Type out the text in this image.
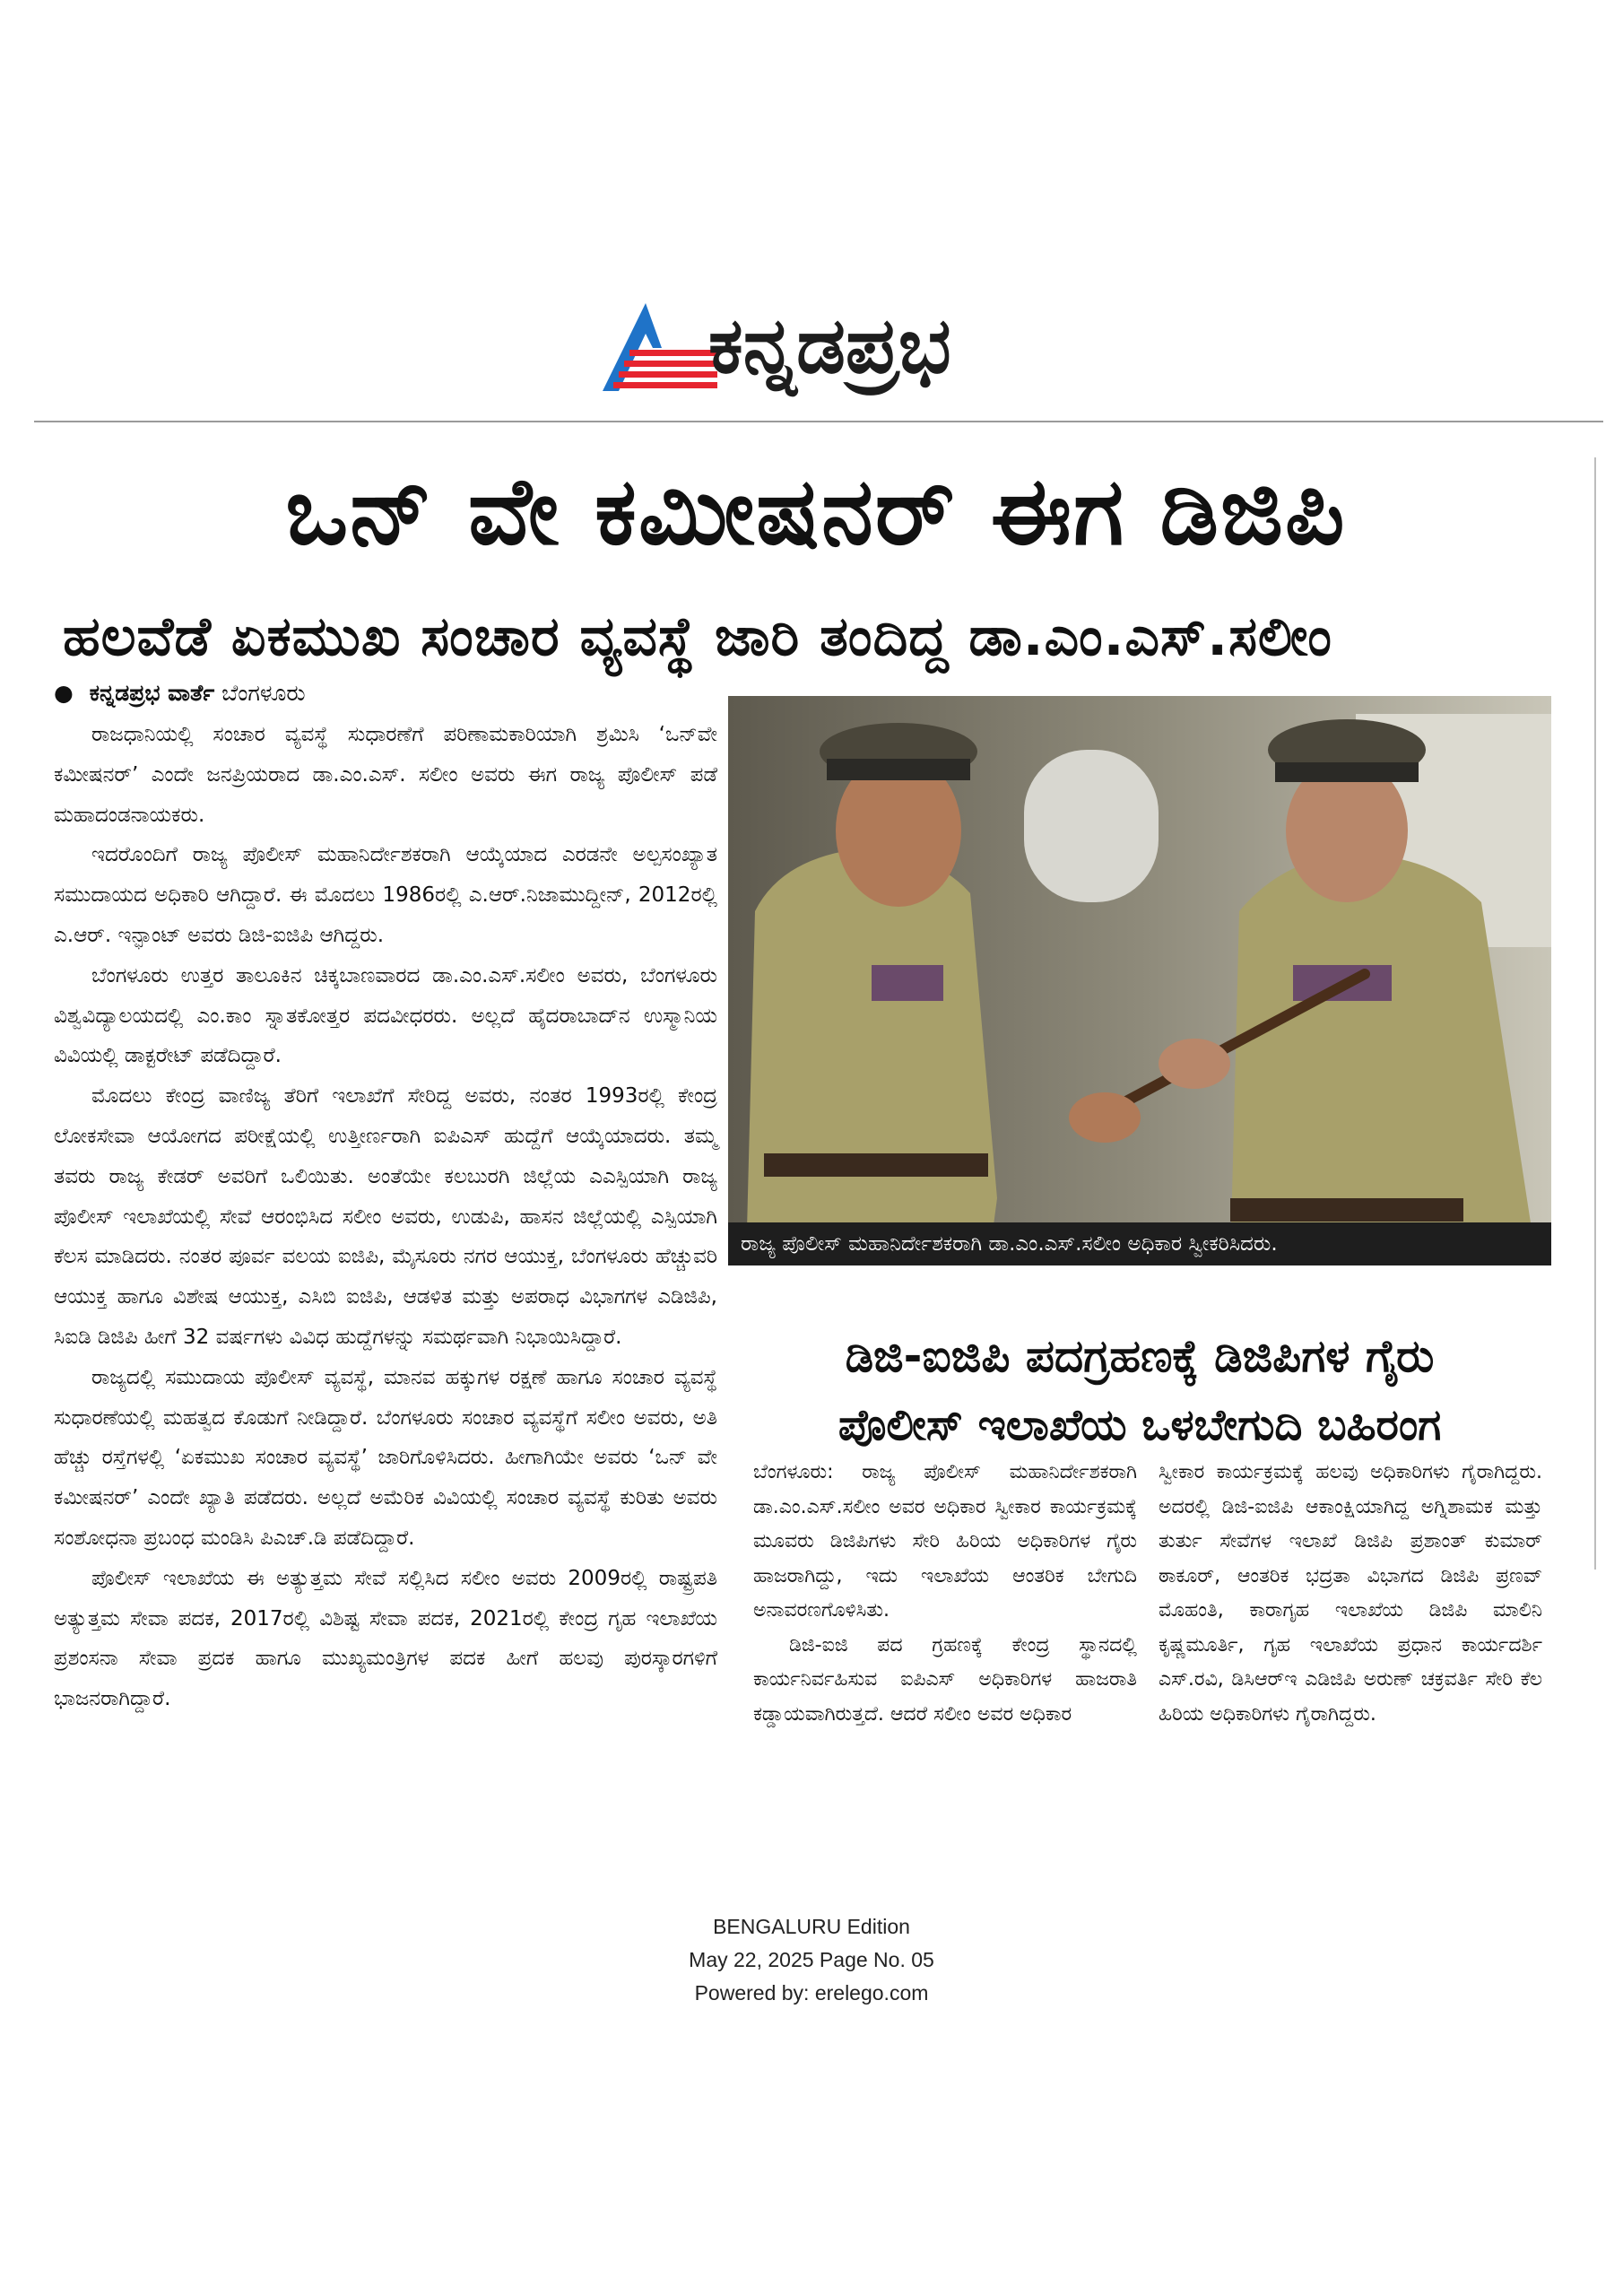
ಕನ್ನಡಪ್ರಭ
ಒನ್ ವೇ ಕಮೀಷನರ್ ಈಗ ಡಿಜಿಪಿ
ಹಲವೆಡೆ ಏಕಮುಖ ಸಂಚಾರ ವ್ಯವಸ್ಥೆ ಜಾರಿ ತಂದಿದ್ದ ಡಾ.ಎಂ.ಎಸ್.ಸಲೀಂ
● ಕನ್ನಡಪ್ರಭ ವಾರ್ತೆ ಬೆಂಗಳೂರು

ರಾಜಧಾನಿಯಲ್ಲಿ ಸಂಚಾರ ವ್ಯವಸ್ಥೆ ಸುಧಾರಣೆಗೆ ಪರಿಣಾಮಕಾರಿಯಾಗಿ ಶ್ರಮಿಸಿ ‘ಒನ್‌ವೇ ಕಮೀಷನರ್’ ಎಂದೇ ಜನಪ್ರಿಯರಾದ ಡಾ.ಎಂ.ಎಸ್. ಸಲೀಂ ಅವರು ಈಗ ರಾಜ್ಯ ಪೊಲೀಸ್ ಪಡೆ ಮಹಾದಂಡನಾಯಕರು.

ಇದರೊಂದಿಗೆ ರಾಜ್ಯ ಪೊಲೀಸ್ ಮಹಾನಿರ್ದೇಶಕರಾಗಿ ಆಯ್ಕೆಯಾದ ಎರಡನೇ ಅಲ್ಪಸಂಖ್ಯಾತ ಸಮುದಾಯದ ಅಧಿಕಾರಿ ಆಗಿದ್ದಾರೆ. ಈ ಮೊದಲು 1986ರಲ್ಲಿ ಎ.ಆರ್.ನಿಜಾಮುದ್ದೀನ್, 2012ರಲ್ಲಿ ಎ.ಆರ್. ಇನ್ಫಾಂಟ್ ಅವರು ಡಿಜಿ-ಐಜಿಪಿ ಆಗಿದ್ದರು.

ಬೆಂಗಳೂರು ಉತ್ತರ ತಾಲೂಕಿನ ಚಿಕ್ಕಬಾಣವಾರದ ಡಾ.ಎಂ.ಎಸ್.ಸಲೀಂ ಅವರು, ಬೆಂಗಳೂರು ವಿಶ್ವವಿದ್ಯಾಲಯದಲ್ಲಿ ಎಂ.ಕಾಂ ಸ್ನಾತಕೋತ್ತರ ಪದವೀಧರರು. ಅಲ್ಲದೆ ಹೈದರಾಬಾದ್‌ನ ಉಸ್ಮಾನಿಯ ವಿವಿಯಲ್ಲಿ ಡಾಕ್ಟರೇಟ್ ಪಡೆದಿದ್ದಾರೆ.

ಮೊದಲು ಕೇಂದ್ರ ವಾಣಿಜ್ಯ ತೆರಿಗೆ ಇಲಾಖೆಗೆ ಸೇರಿದ್ದ ಅವರು, ನಂತರ 1993ರಲ್ಲಿ ಕೇಂದ್ರ ಲೋಕಸೇವಾ ಆಯೋಗದ ಪರೀಕ್ಷೆಯಲ್ಲಿ ಉತ್ತೀರ್ಣರಾಗಿ ಐಪಿಎಸ್ ಹುದ್ದೆಗೆ ಆಯ್ಕೆಯಾದರು. ತಮ್ಮ ತವರು ರಾಜ್ಯ ಕೇಡರ್ ಅವರಿಗೆ ಒಲಿಯಿತು. ಅಂತೆಯೇ ಕಲಬುರಗಿ ಜಿಲ್ಲೆಯ ಎಎಸ್ಪಿಯಾಗಿ ರಾಜ್ಯ ಪೊಲೀಸ್ ಇಲಾಖೆಯಲ್ಲಿ ಸೇವೆ ಆರಂಭಿಸಿದ ಸಲೀಂ ಅವರು, ಉಡುಪಿ, ಹಾಸನ ಜಿಲ್ಲೆಯಲ್ಲಿ ಎಸ್ಪಿಯಾಗಿ ಕೆಲಸ ಮಾಡಿದರು. ನಂತರ ಪೂರ್ವ ವಲಯ ಐಜಿಪಿ, ಮೈಸೂರು ನಗರ ಆಯುಕ್ತ, ಬೆಂಗಳೂರು ಹೆಚ್ಚುವರಿ ಆಯುಕ್ತ ಹಾಗೂ ವಿಶೇಷ ಆಯುಕ್ತ, ಎಸಿಬಿ ಐಜಿಪಿ, ಆಡಳಿತ ಮತ್ತು ಅಪರಾಧ ವಿಭಾಗಗಳ ಎಡಿಜಿಪಿ, ಸಿಐಡಿ ಡಿಜಿಪಿ ಹೀಗೆ 32 ವರ್ಷಗಳು ವಿವಿಧ ಹುದ್ದೆಗಳನ್ನು ಸಮರ್ಥವಾಗಿ ನಿಭಾಯಿಸಿದ್ದಾರೆ.

ರಾಜ್ಯದಲ್ಲಿ ಸಮುದಾಯ ಪೊಲೀಸ್ ವ್ಯವಸ್ಥೆ, ಮಾನವ ಹಕ್ಕುಗಳ ರಕ್ಷಣೆ ಹಾಗೂ ಸಂಚಾರ ವ್ಯವಸ್ಥೆ ಸುಧಾರಣೆಯಲ್ಲಿ ಮಹತ್ವದ ಕೊಡುಗೆ ನೀಡಿದ್ದಾರೆ. ಬೆಂಗಳೂರು ಸಂಚಾರ ವ್ಯವಸ್ಥೆಗೆ ಸಲೀಂ ಅವರು, ಅತಿ ಹೆಚ್ಚು ರಸ್ತೆಗಳಲ್ಲಿ ‘ಏಕಮುಖ ಸಂಚಾರ ವ್ಯವಸ್ಥೆ’ ಜಾರಿಗೊಳಿಸಿದರು. ಹೀಗಾಗಿಯೇ ಅವರು ‘ಒನ್ ವೇ ಕಮೀಷನರ್’ ಎಂದೇ ಖ್ಯಾತಿ ಪಡೆದರು. ಅಲ್ಲದೆ ಅಮೆರಿಕ ವಿವಿಯಲ್ಲಿ ಸಂಚಾರ ವ್ಯವಸ್ಥೆ ಕುರಿತು ಅವರು ಸಂಶೋಧನಾ ಪ್ರಬಂಧ ಮಂಡಿಸಿ ಪಿಎಚ್.ಡಿ ಪಡೆದಿದ್ದಾರೆ.

ಪೊಲೀಸ್ ಇಲಾಖೆಯ ಈ ಅತ್ಯುತ್ತಮ ಸೇವೆ ಸಲ್ಲಿಸಿದ ಸಲೀಂ ಅವರು 2009ರಲ್ಲಿ ರಾಷ್ಟ್ರಪತಿ ಅತ್ಯುತ್ತಮ ಸೇವಾ ಪದಕ, 2017ರಲ್ಲಿ ವಿಶಿಷ್ಟ ಸೇವಾ ಪದಕ, 2021ರಲ್ಲಿ ಕೇಂದ್ರ ಗೃಹ ಇಲಾಖೆಯ ಪ್ರಶಂಸನಾ ಸೇವಾ ಪ್ರದಕ ಹಾಗೂ ಮುಖ್ಯಮಂತ್ರಿಗಳ ಪದಕ ಹೀಗೆ ಹಲವು ಪುರಸ್ಕಾರಗಳಿಗೆ ಭಾಜನರಾಗಿದ್ದಾರೆ.

ರಾಜ್ಯ ಪೊಲೀಸ್ ಮಹಾನಿರ್ದೇಶಕರಾಗಿ ಡಾ.ಎಂ.ಎಸ್.ಸಲೀಂ ಅಧಿಕಾರ ಸ್ವೀಕರಿಸಿದರು.
ಡಿಜಿ-ಐಜಿಪಿ ಪದಗ್ರಹಣಕ್ಕೆ ಡಿಜಿಪಿಗಳ ಗೈರು
ಪೊಲೀಸ್ ಇಲಾಖೆಯ ಒಳಬೇಗುದಿ ಬಹಿರಂಗ

ಬೆಂಗಳೂರು: ರಾಜ್ಯ ಪೊಲೀಸ್ ಮಹಾನಿರ್ದೇಶಕರಾಗಿ ಡಾ.ಎಂ.ಎಸ್.ಸಲೀಂ ಅವರ ಅಧಿಕಾರ ಸ್ವೀಕಾರ ಕಾರ್ಯಕ್ರಮಕ್ಕೆ ಮೂವರು ಡಿಜಿಪಿಗಳು ಸೇರಿ ಹಿರಿಯ ಅಧಿಕಾರಿಗಳ ಗೈರು ಹಾಜರಾಗಿದ್ದು, ಇದು ಇಲಾಖೆಯ ಆಂತರಿಕ ಬೇಗುದಿ ಅನಾವರಣಗೊಳಿಸಿತು.

ಡಿಜಿ-ಐಜಿ ಪದ ಗ್ರಹಣಕ್ಕೆ ಕೇಂದ್ರ ಸ್ಥಾನದಲ್ಲಿ ಕಾರ್ಯನಿರ್ವಹಿಸುವ ಐಪಿಎಸ್ ಅಧಿಕಾರಿಗಳ ಹಾಜರಾತಿ ಕಡ್ಡಾಯವಾಗಿರುತ್ತದೆ. ಆದರೆ ಸಲೀಂ ಅವರ ಅಧಿಕಾರ

ಸ್ವೀಕಾರ ಕಾರ್ಯಕ್ರಮಕ್ಕೆ ಹಲವು ಅಧಿಕಾರಿಗಳು ಗೈರಾಗಿದ್ದರು. ಅದರಲ್ಲಿ ಡಿಜಿ-ಐಜಿಪಿ ಆಕಾಂಕ್ಷಿಯಾಗಿದ್ದ ಅಗ್ನಿಶಾಮಕ ಮತ್ತು ತುರ್ತು ಸೇವೆಗಳ ಇಲಾಖೆ ಡಿಜಿಪಿ ಪ್ರಶಾಂತ್ ಕುಮಾರ್ ಠಾಕೂರ್, ಆಂತರಿಕ ಭದ್ರತಾ ವಿಭಾಗದ ಡಿಜಿಪಿ ಪ್ರಣವ್ ಮೊಹಂತಿ, ಕಾರಾಗೃಹ ಇಲಾಖೆಯ ಡಿಜಿಪಿ ಮಾಲಿನಿ ಕೃಷ್ಣಮೂರ್ತಿ, ಗೃಹ ಇಲಾಖೆಯ ಪ್ರಧಾನ ಕಾರ್ಯದರ್ಶಿ ಎಸ್.ರವಿ, ಡಿಸಿಆರ್‌ಇ ಎಡಿಜಿಪಿ ಅರುಣ್ ಚಕ್ರವರ್ತಿ ಸೇರಿ ಕೆಲ ಹಿರಿಯ ಅಧಿಕಾರಿಗಳು ಗೈರಾಗಿದ್ದರು.

BENGALURU Edition
May 22, 2025 Page No. 05
Powered by: erelego.com
